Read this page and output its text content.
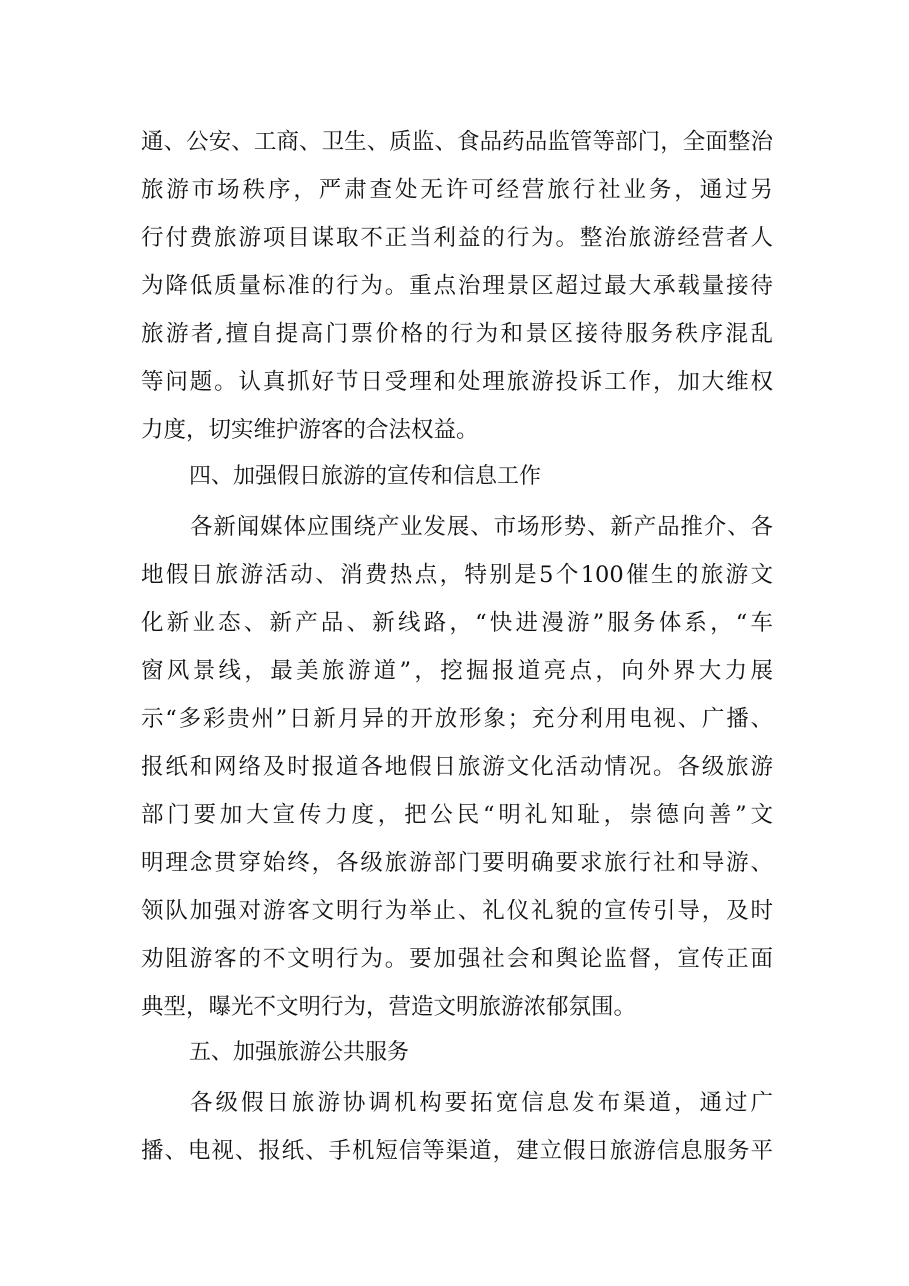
通、公安、工商、卫生、质监、食品药品监管等部门，全面整治
旅游市场秩序，严肃查处无许可经营旅行社业务，通过另
行付费旅游项目谋取不正当利益的行为。整治旅游经营者人
为降低质量标准的行为。重点治理景区超过最大承载量接待
旅游者,擅自提高门票价格的行为和景区接待服务秩序混乱
等问题。认真抓好节日受理和处理旅游投诉工作，加大维权
力度，切实维护游客的合法权益。
四、加强假日旅游的宣传和信息工作
各新闻媒体应围绕产业发展、市场形势、新产品推介、各
地假日旅游活动、消费热点，特别是5个100催生的旅游文
化新业态、新产品、新线路，“快进漫游”服务体系，“车
窗风景线，最美旅游道”，挖掘报道亮点，向外界大力展
示“多彩贵州”日新月异的开放形象；充分利用电视、广播、
报纸和网络及时报道各地假日旅游文化活动情况。各级旅游
部门要加大宣传力度，把公民“明礼知耻，崇德向善”文
明理念贯穿始终，各级旅游部门要明确要求旅行社和导游、
领队加强对游客文明行为举止、礼仪礼貌的宣传引导，及时
劝阻游客的不文明行为。要加强社会和舆论监督，宣传正面
典型，曝光不文明行为，营造文明旅游浓郁氛围。
五、加强旅游公共服务
各级假日旅游协调机构要拓宽信息发布渠道，通过广
播、电视、报纸、手机短信等渠道，建立假日旅游信息服务平
